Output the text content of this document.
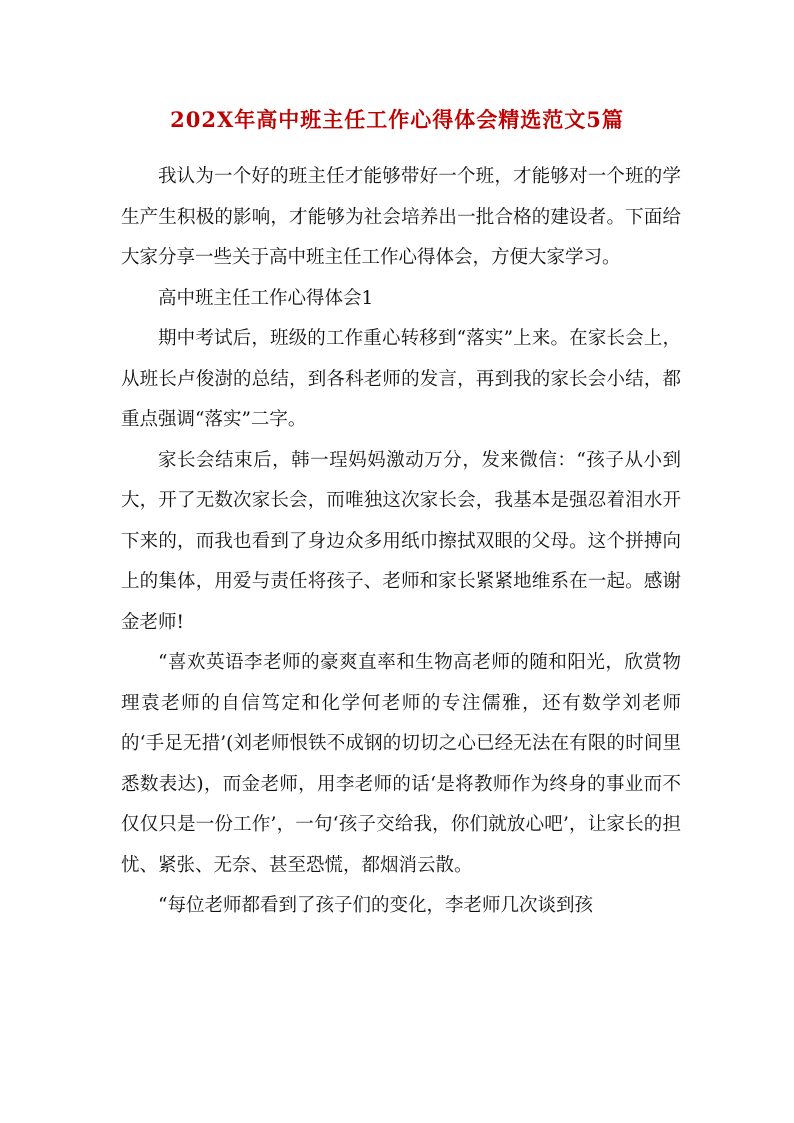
202X年高中班主任工作心得体会精选范文5篇

我认为一个好的班主任才能够带好一个班，才能够对一个班的学生产生积极的影响，才能够为社会培养出一批合格的建设者。下面给大家分享一些关于高中班主任工作心得体会，方便大家学习。

高中班主任工作心得体会1

期中考试后，班级的工作重心转移到“落实”上来。在家长会上，从班长卢俊澍的总结，到各科老师的发言，再到我的家长会小结，都重点强调“落实”二字。

家长会结束后，韩一珵妈妈激动万分，发来微信：“孩子从小到大，开了无数次家长会，而唯独这次家长会，我基本是强忍着泪水开下来的，而我也看到了身边众多用纸巾擦拭双眼的父母。这个拼搏向上的集体，用爱与责任将孩子、老师和家长紧紧地维系在一起。感谢金老师!

“喜欢英语李老师的豪爽直率和生物高老师的随和阳光，欣赏物理袁老师的自信笃定和化学何老师的专注儒雅，还有数学刘老师的‘手足无措’(刘老师恨铁不成钢的切切之心已经无法在有限的时间里悉数表达)，而金老师，用李老师的话‘是将教师作为终身的事业而不仅仅只是一份工作’，一句‘孩子交给我，你们就放心吧’，让家长的担忧、紧张、无奈、甚至恐慌，都烟消云散。

“每位老师都看到了孩子们的变化，李老师几次谈到孩
